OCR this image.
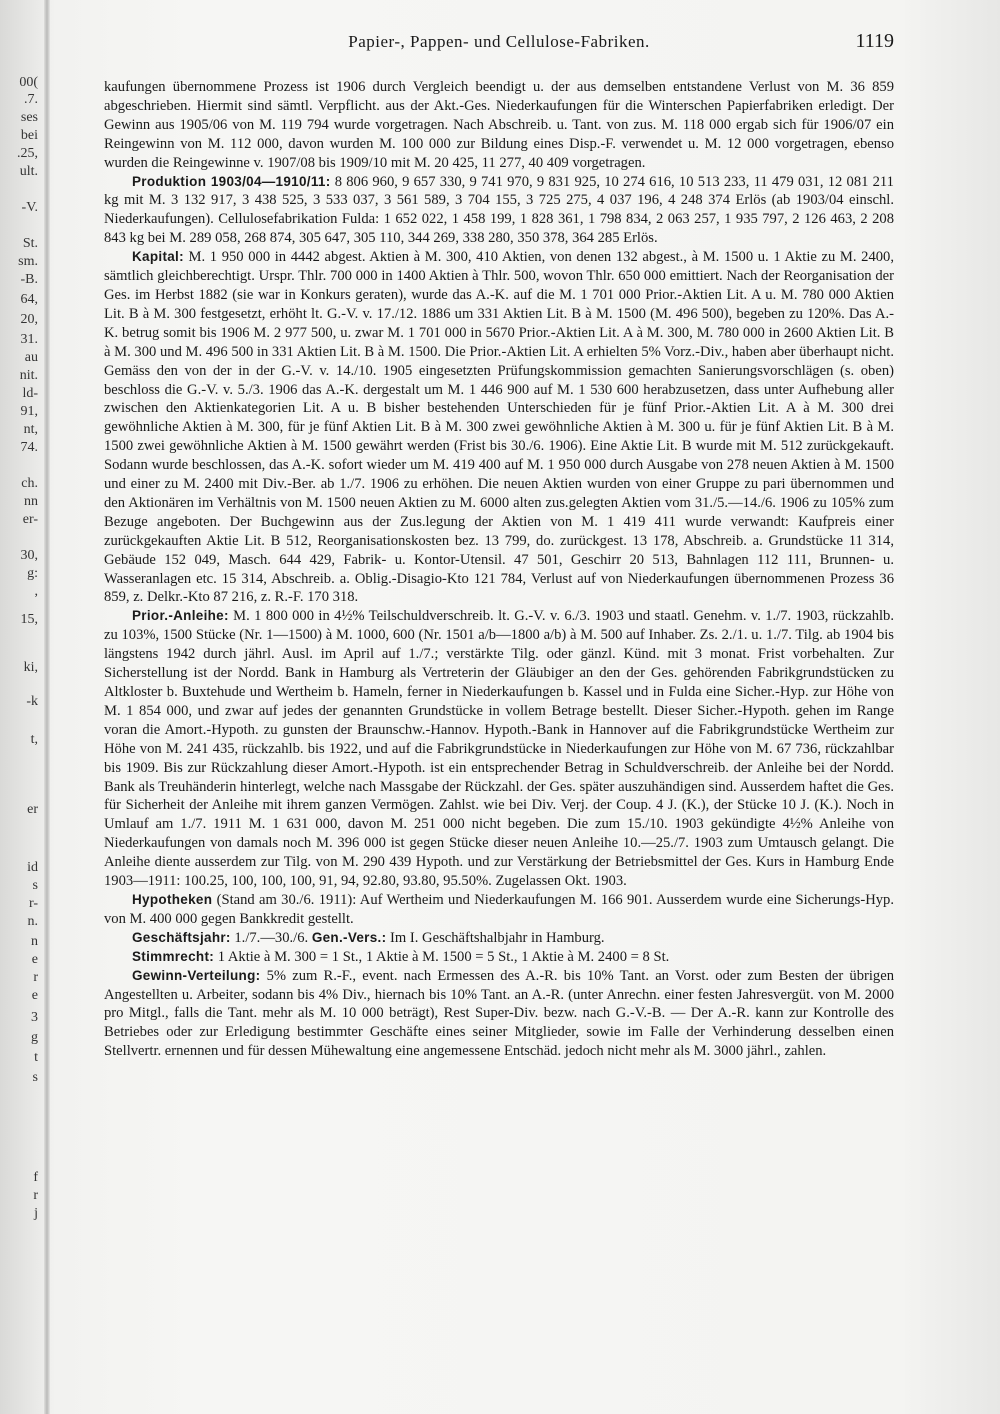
00(
.7.
ses
bei
.25,
ult.
-V.
St.
sm.
-B.
64,
20,
31.
au
nit.
ld-
91,
nt,
74.
ch.
nn
er-
30,
g:
,
15,
ki,
-k
t,
er
id
s
r-
n.
n
e
r
e
3
g
t
s
f
r
j
Papier-, Pappen- und Cellulose-Fabriken.	1119

kaufungen übernommene Prozess ist 1906 durch Vergleich beendigt u. der aus demselben entstandene Verlust von M. 36 859 abgeschrieben. Hiermit sind sämtl. Verpflicht. aus der Akt.-Ges. Niederkaufungen für die Winterschen Papierfabriken erledigt. Der Gewinn aus 1905/06 von M. 119 794 wurde vorgetragen. Nach Abschreib. u. Tant. von zus. M. 118 000 ergab sich für 1906/07 ein Reingewinn von M. 112 000, davon wurden M. 100 000 zur Bildung eines Disp.-F. verwendet u. M. 12 000 vorgetragen, ebenso wurden die Reingewinne v. 1907/08 bis 1909/10 mit M. 20 425, 11 277, 40 409 vorgetragen.

Produktion 1903/04—1910/11: 8 806 960, 9 657 330, 9 741 970, 9 831 925, 10 274 616, 10 513 233, 11 479 031, 12 081 211 kg mit M. 3 132 917, 3 438 525, 3 533 037, 3 561 589, 3 704 155, 3 725 275, 4 037 196, 4 248 374 Erlös (ab 1903/04 einschl. Niederkaufungen). Cellulosefabrikation Fulda: 1 652 022, 1 458 199, 1 828 361, 1 798 834, 2 063 257, 1 935 797, 2 126 463, 2 208 843 kg bei M. 289 058, 268 874, 305 647, 305 110, 344 269, 338 280, 350 378, 364 285 Erlös.

Kapital: M. 1 950 000 in 4442 abgest. Aktien à M. 300, 410 Aktien, von denen 132 abgest., à M. 1500 u. 1 Aktie zu M. 2400, sämtlich gleichberechtigt. Urspr. Thlr. 700 000 in 1400 Aktien à Thlr. 500, wovon Thlr. 650 000 emittiert. Nach der Reorganisation der Ges. im Herbst 1882 (sie war in Konkurs geraten), wurde das A.-K. auf die M. 1 701 000 Prior.-Aktien Lit. A u. M. 780 000 Aktien Lit. B à M. 300 festgesetzt, erhöht lt. G.-V. v. 17./12. 1886 um 331 Aktien Lit. B à M. 1500 (M. 496 500), begeben zu 120%. Das A.-K. betrug somit bis 1906 M. 2 977 500, u. zwar M. 1 701 000 in 5670 Prior.-Aktien Lit. A à M. 300, M. 780 000 in 2600 Aktien Lit. B à M. 300 und M. 496 500 in 331 Aktien Lit. B à M. 1500. Die Prior.-Aktien Lit. A erhielten 5% Vorz.-Div., haben aber überhaupt nicht. Gemäss den von der in der G.-V. v. 14./10. 1905 eingesetzten Prüfungskommission gemachten Sanierungsvorschlägen (s. oben) beschloss die G.-V. v. 5./3. 1906 das A.-K. dergestalt um M. 1 446 900 auf M. 1 530 600 herabzusetzen, dass unter Aufhebung aller zwischen den Aktienkategorien Lit. A u. B bisher bestehenden Unterschieden für je fünf Prior.-Aktien Lit. A à M. 300 drei gewöhnliche Aktien à M. 300, für je fünf Aktien Lit. B à M. 300 zwei gewöhnliche Aktien à M. 300 u. für je fünf Aktien Lit. B à M. 1500 zwei gewöhnliche Aktien à M. 1500 gewährt werden (Frist bis 30./6. 1906). Eine Aktie Lit. B wurde mit M. 512 zurückgekauft. Sodann wurde beschlossen, das A.-K. sofort wieder um M. 419 400 auf M. 1 950 000 durch Ausgabe von 278 neuen Aktien à M. 1500 und einer zu M. 2400 mit Div.-Ber. ab 1./7. 1906 zu erhöhen. Die neuen Aktien wurden von einer Gruppe zu pari übernommen und den Aktionären im Verhältnis von M. 1500 neuen Aktien zu M. 6000 alten zus.gelegten Aktien vom 31./5.—14./6. 1906 zu 105% zum Bezuge angeboten. Der Buchgewinn aus der Zus.legung der Aktien von M. 1 419 411 wurde verwandt: Kaufpreis einer zurückgekauften Aktie Lit. B 512, Reorganisationskosten bez. 13 799, do. zurückgest. 13 178, Abschreib. a. Grundstücke 11 314, Gebäude 152 049, Masch. 644 429, Fabrik- u. Kontor-Utensil. 47 501, Geschirr 20 513, Bahnlagen 112 111, Brunnen- u. Wasseranlagen etc. 15 314, Abschreib. a. Oblig.-Disagio-Kto 121 784, Verlust auf von Niederkaufungen übernommenen Prozess 36 859, z. Delkr.-Kto 87 216, z. R.-F. 170 318.

Prior.-Anleihe: M. 1 800 000 in 4½% Teilschuldverschreib. lt. G.-V. v. 6./3. 1903 und staatl. Genehm. v. 1./7. 1903, rückzahlb. zu 103%, 1500 Stücke (Nr. 1—1500) à M. 1000, 600 (Nr. 1501 a/b—1800 a/b) à M. 500 auf Inhaber. Zs. 2./1. u. 1./7. Tilg. ab 1904 bis längstens 1942 durch jährl. Ausl. im April auf 1./7.; verstärkte Tilg. oder gänzl. Künd. mit 3 monat. Frist vorbehalten. Zur Sicherstellung ist der Nordd. Bank in Hamburg als Vertreterin der Gläubiger an den der Ges. gehörenden Fabrikgrundstücken zu Altkloster b. Buxtehude und Wertheim b. Hameln, ferner in Niederkaufungen b. Kassel und in Fulda eine Sicher.-Hyp. zur Höhe von M. 1 854 000, und zwar auf jedes der genannten Grundstücke in vollem Betrage bestellt. Dieser Sicher.-Hypoth. gehen im Range voran die Amort.-Hypoth. zu gunsten der Braunschw.-Hannov. Hypoth.-Bank in Hannover auf die Fabrikgrundstücke Wertheim zur Höhe von M. 241 435, rückzahlb. bis 1922, und auf die Fabrikgrundstücke in Niederkaufungen zur Höhe von M. 67 736, rückzahlbar bis 1909. Bis zur Rückzahlung dieser Amort.-Hypoth. ist ein entsprechender Betrag in Schuldverschreib. der Anleihe bei der Nordd. Bank als Treuhänderin hinterlegt, welche nach Massgabe der Rückzahl. der Ges. später auszuhändigen sind. Ausserdem haftet die Ges. für Sicherheit der Anleihe mit ihrem ganzen Vermögen. Zahlst. wie bei Div. Verj. der Coup. 4 J. (K.), der Stücke 10 J. (K.). Noch in Umlauf am 1./7. 1911 M. 1 631 000, davon M. 251 000 nicht begeben. Die zum 15./10. 1903 gekündigte 4½% Anleihe von Niederkaufungen von damals noch M. 396 000 ist gegen Stücke dieser neuen Anleihe 10.—25./7. 1903 zum Umtausch gelangt. Die Anleihe diente ausserdem zur Tilg. von M. 290 439 Hypoth. und zur Verstärkung der Betriebsmittel der Ges. Kurs in Hamburg Ende 1903—1911: 100.25, 100, 100, 100, 91, 94, 92.80, 93.80, 95.50%. Zugelassen Okt. 1903.

Hypotheken (Stand am 30./6. 1911): Auf Wertheim und Niederkaufungen M. 166 901. Ausserdem wurde eine Sicherungs-Hyp. von M. 400 000 gegen Bankkredit gestellt.

Geschäftsjahr: 1./7.—30./6. Gen.-Vers.: Im I. Geschäftshalbjahr in Hamburg.

Stimmrecht: 1 Aktie à M. 300 = 1 St., 1 Aktie à M. 1500 = 5 St., 1 Aktie à M. 2400 = 8 St.

Gewinn-Verteilung: 5% zum R.-F., event. nach Ermessen des A.-R. bis 10% Tant. an Vorst. oder zum Besten der übrigen Angestellten u. Arbeiter, sodann bis 4% Div., hiernach bis 10% Tant. an A.-R. (unter Anrechn. einer festen Jahresvergüt. von M. 2000 pro Mitgl., falls die Tant. mehr als M. 10 000 beträgt), Rest Super-Div. bezw. nach G.-V.-B. — Der A.-R. kann zur Kontrolle des Betriebes oder zur Erledigung bestimmter Geschäfte eines seiner Mitglieder, sowie im Falle der Verhinderung desselben einen Stellvertr. ernennen und für dessen Mühewaltung eine angemessene Entschäd. jedoch nicht mehr als M. 3000 jährl., zahlen.
